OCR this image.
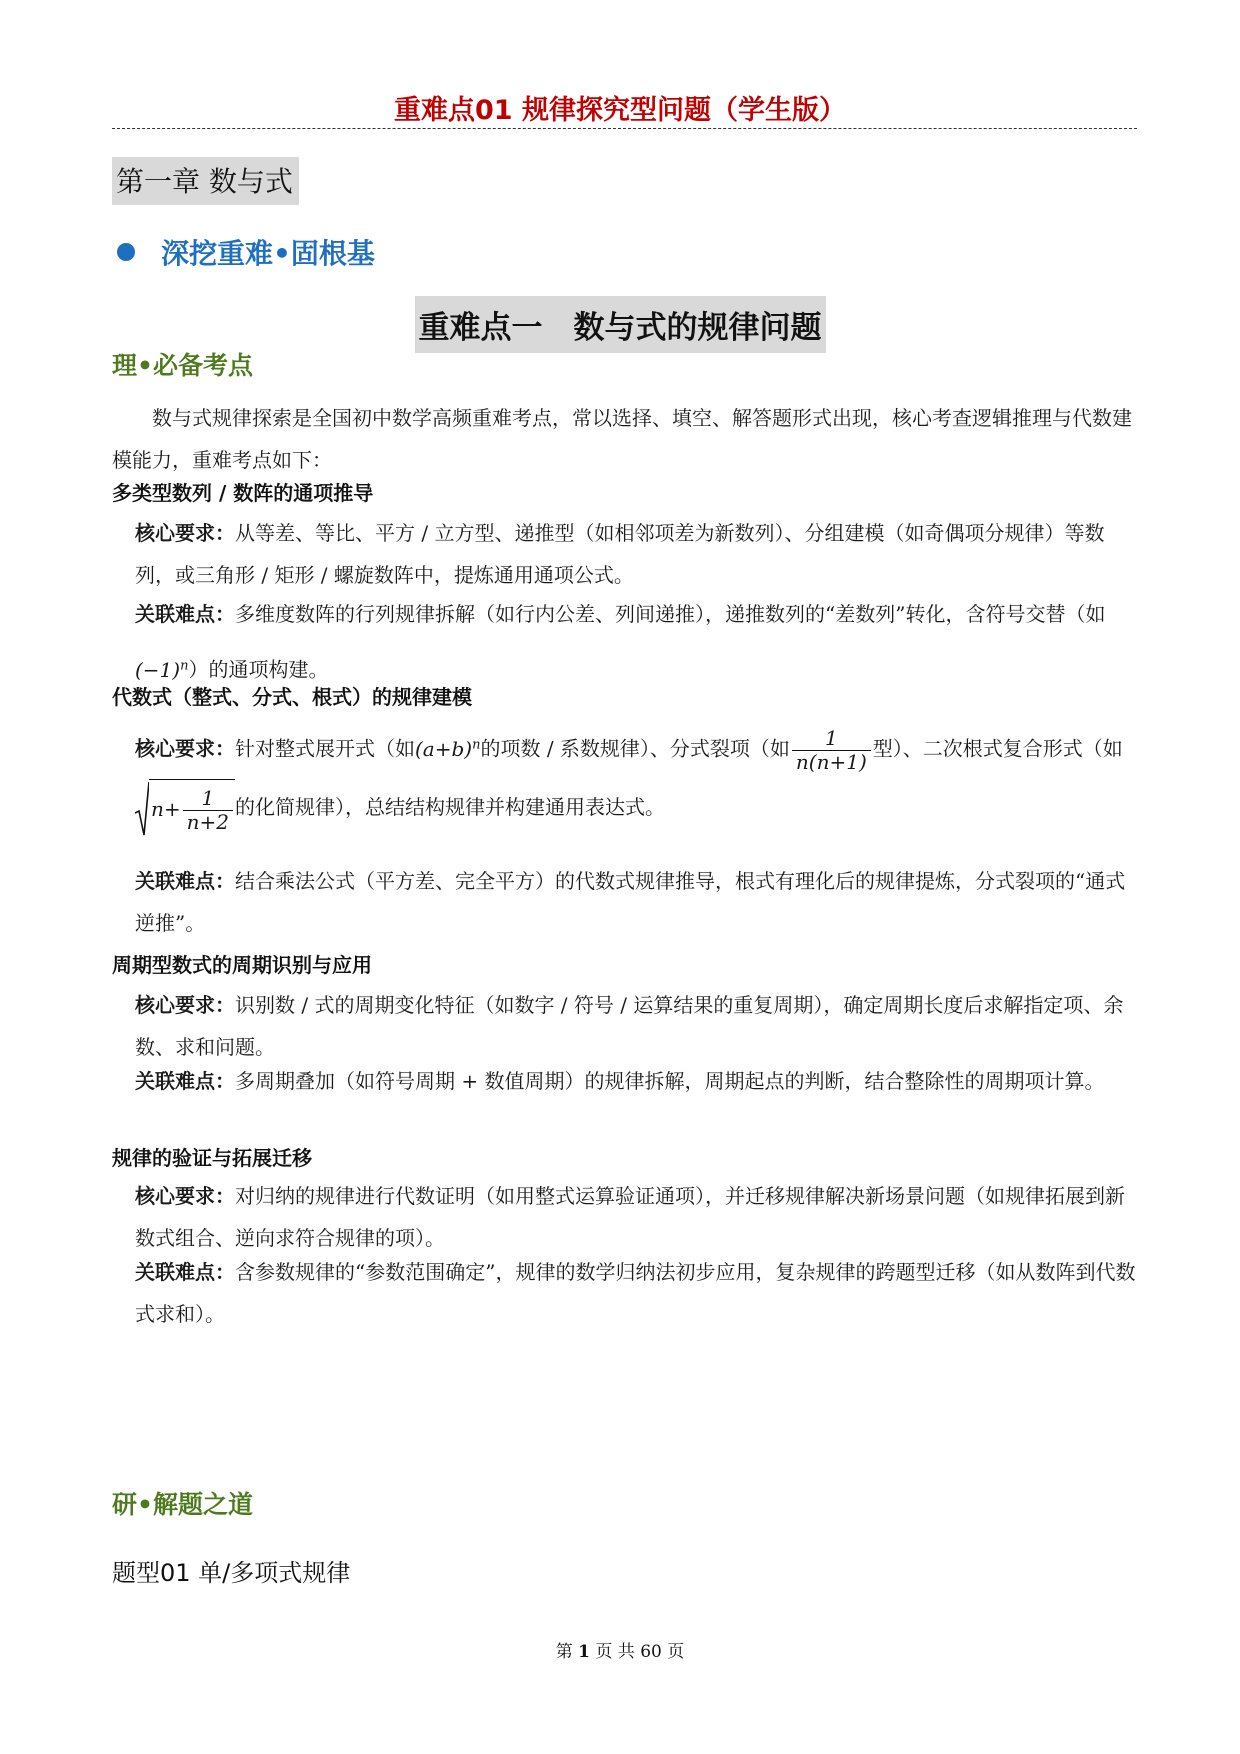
重难点01 规律探究型问题（学生版）
第一章 数与式
深挖重难•固根基
重难点一　数与式的规律问题
理•必备考点
数与式规律探索是全国初中数学高频重难考点，常以选择、填空、解答题形式出现，核心考查逻辑推理与代数建模能力，重难考点如下：
多类型数列 / 数阵的通项推导
核心要求：从等差、等比、平方 / 立方型、递推型（如相邻项差为新数列）、分组建模（如奇偶项分规律）等数列，或三角形 / 矩形 / 螺旋数阵中，提炼通用通项公式。
关联难点：多维度数阵的行列规律拆解（如行内公差、列间递推），递推数列的“差数列”转化，含符号交替（如$(-1)^n$）的通项构建。
代数式（整式、分式、根式）的规律建模
核心要求：针对整式展开式（如$(a+b)^n$的项数 / 系数规律）、分式裂项（如 $\frac{1}{n(n+1)}$ 型）、二次根式复合形式（如$n+ \frac{1}{n+2}$ 的化简规律），总结结构规律并构建通用表达式。
关联难点：结合乘法公式（平方差、完全平方）的代数式规律推导，根式有理化后的规律提炼，分式裂项的“通式逆推”。
周期型数式的周期识别与应用
核心要求：识别数 / 式的周期变化特征（如数字 / 符号 / 运算结果的重复周期），确定周期长度后求解指定项、余数、求和问题。
关联难点：多周期叠加（如符号周期 + 数值周期）的规律拆解，周期起点的判断，结合整除性的周期项计算。
规律的验证与拓展迁移
核心要求：对归纳的规律进行代数证明（如用整式运算验证通项），并迁移规律解决新场景问题（如规律拓展到新数式组合、逆向求符合规律的项）。
关联难点：含参数规律的“参数范围确定”，规律的数学归纳法初步应用，复杂规律的跨题型迁移（如从数阵到代数式求和）。
研•解题之道
题型01 单/多项式规律
第 1 页 共 60 页
